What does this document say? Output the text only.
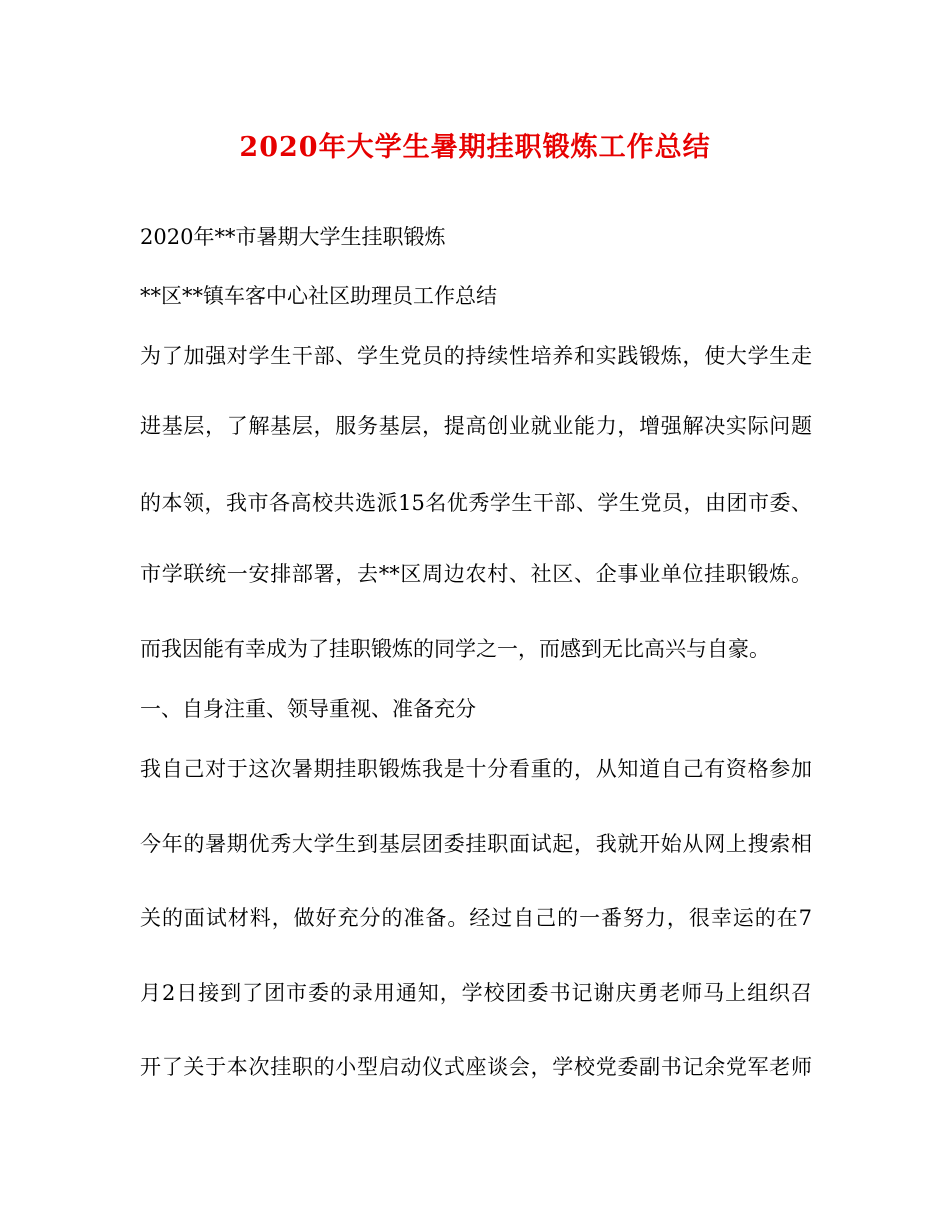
2020年大学生暑期挂职锻炼工作总结
2020年**市暑期大学生挂职锻炼
**区**镇车客中心社区助理员工作总结
为了加强对学生干部、学生党员的持续性培养和实践锻炼，使大学生走
进基层，了解基层，服务基层，提高创业就业能力，增强解决实际问题
的本领，我市各高校共选派15名优秀学生干部、学生党员，由团市委、
市学联统一安排部署，去**区周边农村、社区、企事业单位挂职锻炼。
而我因能有幸成为了挂职锻炼的同学之一，而感到无比高兴与自豪。
一、自身注重、领导重视、准备充分
我自己对于这次暑期挂职锻炼我是十分看重的，从知道自己有资格参加
今年的暑期优秀大学生到基层团委挂职面试起，我就开始从网上搜索相
关的面试材料，做好充分的准备。经过自己的一番努力，很幸运的在7
月2日接到了团市委的录用通知，学校团委书记谢庆勇老师马上组织召
开了关于本次挂职的小型启动仪式座谈会，学校党委副书记余党军老师
